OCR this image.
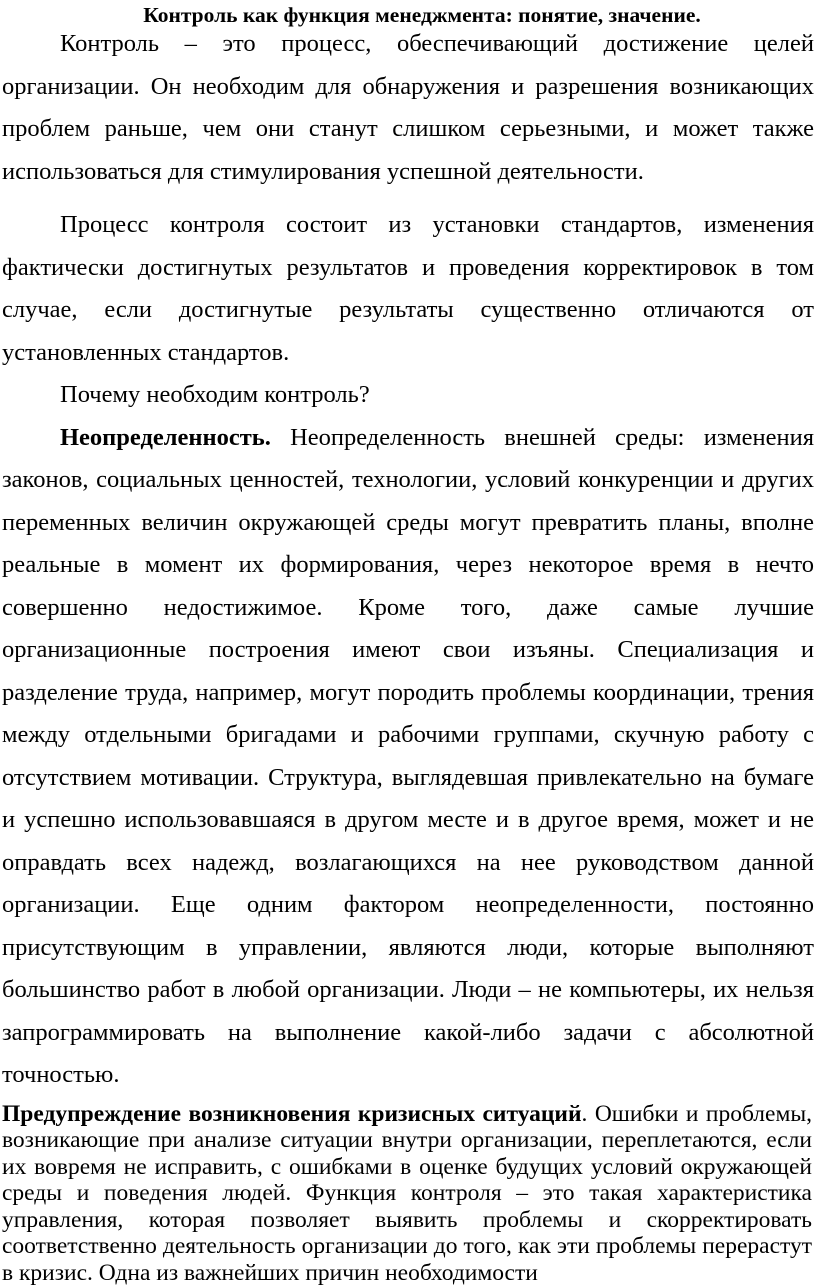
Контроль как функция менеджмента: понятие, значение.

Контроль – это процесс, обеспечивающий достижение целей организации. Он необходим для обнаружения и разрешения возникающих проблем раньше, чем они станут слишком серьезными, и может также использоваться для стимулирования успешной деятельности.

Процесс контроля состоит из установки стандартов, изменения фактически достигнутых результатов и проведения корректировок в том случае, если достигнутые результаты существенно отличаются от установленных стандартов.

Почему необходим контроль?

Неопределенность. Неопределенность внешней среды: изменения законов, социальных ценностей, технологии, условий конкуренции и других переменных величин окружающей среды могут превратить планы, вполне реальные в момент их формирования, через некоторое время в нечто совершенно недостижимое. Кроме того, даже самые лучшие организационные построения имеют свои изъяны. Специализация и разделение труда, например, могут породить проблемы координации, трения между отдельными бригадами и рабочими группами, скучную работу с отсутствием мотивации. Структура, выглядевшая привлекательно на бумаге и успешно использовавшаяся в другом месте и в другое время, может и не оправдать всех надежд, возлагающихся на нее руководством данной организации. Еще одним фактором неопределенности, постоянно присутствующим в управлении, являются люди, которые выполняют большинство работ в любой организации. Люди – не компьютеры, их нельзя запрограммировать на выполнение какой-либо задачи с абсолютной точностью.

Предупреждение возникновения кризисных ситуаций. Ошибки и проблемы, возникающие при анализе ситуации внутри организации, переплетаются, если их вовремя не исправить, с ошибками в оценке будущих условий окружающей среды и поведения людей. Функция контроля – это такая характеристика управления, которая позволяет выявить проблемы и скорректировать соответственно деятельность организации до того, как эти проблемы перерастут в кризис. Одна из важнейших причин необходимости
